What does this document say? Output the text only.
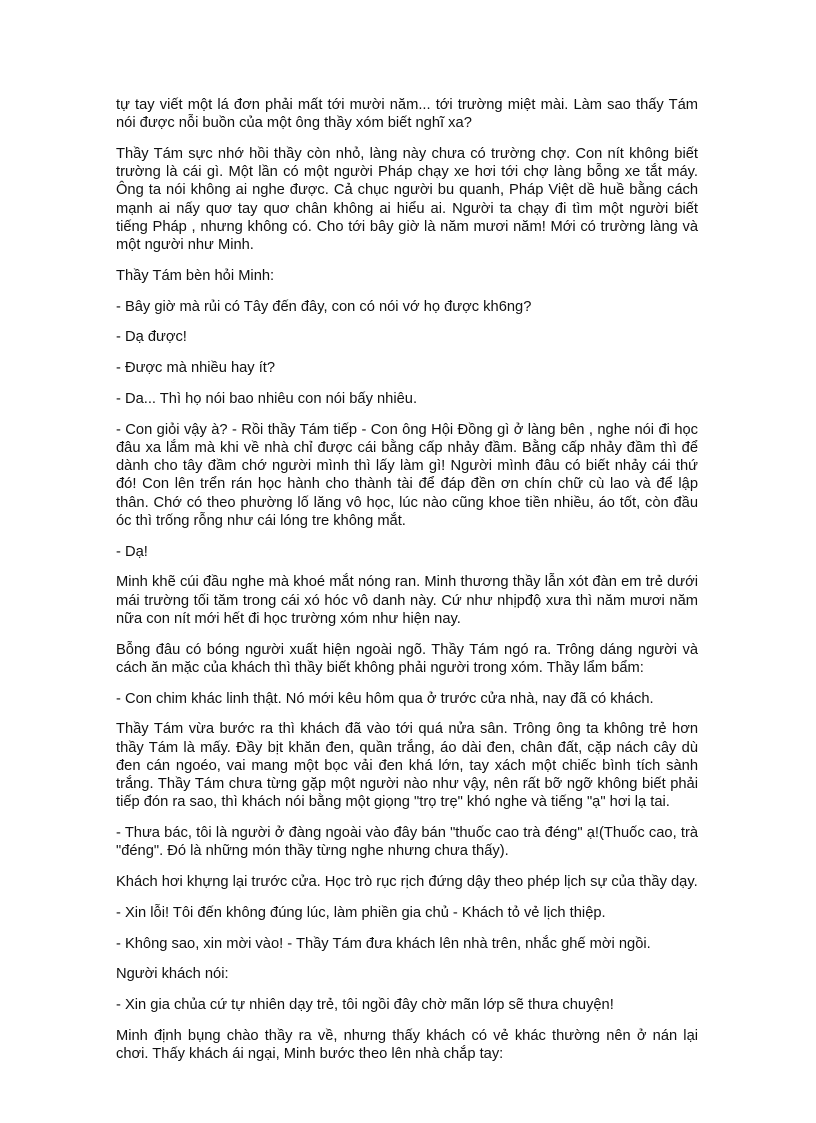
tự tay viết một lá đơn phải mất tới mười năm... tới trường miệt mài. Làm sao thấy Tám nói được nỗi buồn của một ông thầy xóm biết nghĩ xa?

Thầy Tám sực nhớ hồi thầy còn nhỏ, làng này chưa có trường chợ. Con nít không biết trường là cái gì. Một lần có một người Pháp chạy xe hơi tới chợ làng bỗng xe tắt máy. Ông ta nói không ai nghe được. Cả chục người bu quanh, Pháp Việt dề huề bằng cách mạnh ai nấy quơ tay quơ chân không ai hiểu ai. Người ta chạy đi tìm một người biết tiếng Pháp , nhưng không có. Cho tới bây giờ là năm mươi năm! Mới có trường làng và một người như Minh.

Thầy Tám bèn hỏi Minh:

- Bây giờ mà rủi có Tây đến đây, con có nói vớ họ được kh6ng?

- Dạ được!

- Được mà nhiều hay ít?

- Da... Thì họ nói bao nhiêu con nói bấy nhiêu.

- Con giỏi vậy à? - Rồi thầy Tám tiếp - Con ông Hội Đồng gì ở làng bên , nghe nói đi học đâu xa lắm mà khi về nhà chỉ được cái bằng cấp nhảy đầm. Bằng cấp nhảy đầm thì để dành cho tây đầm chớ người mình thì lấy làm gì! Người mình đâu có biết nhảy cái thứ đó! Con lên trển rán học hành cho thành tài để đáp đền ơn chín chữ cù lao và để lập thân. Chớ có theo phường lố lăng vô học, lúc nào cũng khoe tiền nhiều, áo tốt, còn đầu óc thì trống rỗng như cái lóng tre không mắt.

- Dạ!

Minh khẽ cúi đầu nghe mà khoé mắt nóng ran. Minh thương thầy lẫn xót đàn em trẻ dưới mái trường tối tăm trong cái xó hóc vô danh này. Cứ như nhịpđộ xưa thì năm mươi năm nữa con nít mới hết đi học trường xóm như hiện nay.

Bỗng đâu có bóng người xuất hiện ngoài ngõ. Thầy Tám ngó ra. Trông dáng người và cách ăn mặc của khách thì thầy biết không phải người trong xóm. Thầy lẩm bẩm:

- Con chim khác linh thật. Nó mới kêu hôm qua ở trước cửa nhà, nay đã có khách.

Thầy Tám vừa bước ra thì khách đã vào tới quá nửa sân. Trông ông ta không trẻ hơn thầy Tám là mấy. Đầy bịt khăn đen, quần trắng, áo dài đen, chân đất, cặp nách cây dù đen cán ngoéo, vai mang một bọc vải đen khá lớn, tay xách một chiếc bình tích sành trắng. Thầy Tám chưa từng gặp một người nào như vậy, nên rất bỡ ngỡ không biết phải tiếp đón ra sao, thì khách nói bằng một giọng "trọ trẹ" khó nghe và tiếng "ạ" hơi lạ tai.

- Thưa bác, tôi là người ở đàng ngoài vào đây bán "thuốc cao trà đéng" ạ!(Thuốc cao, trà "đéng". Đó là những món thầy từng nghe nhưng chưa thấy).

Khách hơi khựng lại trước cửa. Học trò rục rịch đứng dậy theo phép lịch sự của thầy dạy.

- Xin lỗi! Tôi đến không đúng lúc, làm phiền gia chủ - Khách tỏ vẻ lịch thiệp.

- Không sao, xin mời vào! - Thầy Tám đưa khách lên nhà trên, nhắc ghế mời ngồi.

Người khách nói:

- Xin gia chủa cứ tự nhiên dạy trẻ, tôi ngồi đây chờ mãn lớp sẽ thưa chuyện!

Minh định bụng chào thầy ra về, nhưng thấy khách có vẻ khác thường nên ở nán lại chơi. Thấy khách ái ngại, Minh bước theo lên nhà chắp tay:
